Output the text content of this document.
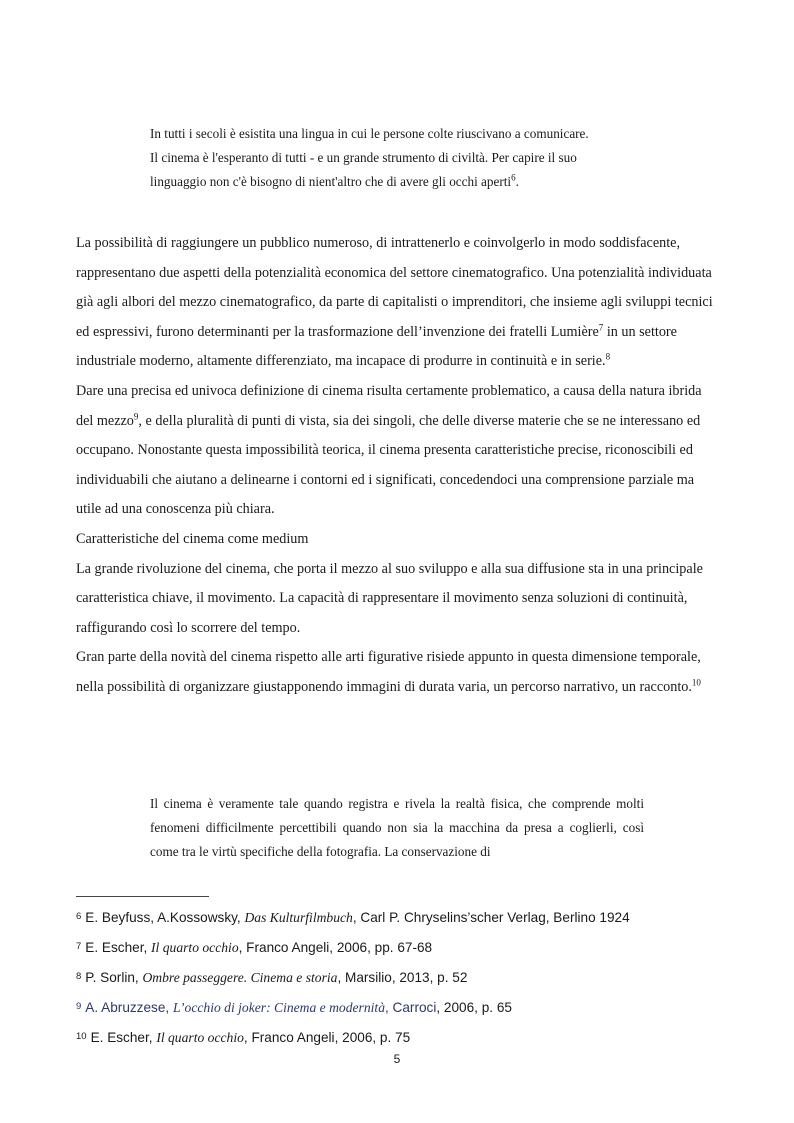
In tutti i secoli è esistita una lingua in cui le persone colte riuscivano a comunicare.
Il cinema è l'esperanto di tutti - e un grande strumento di civiltà. Per capire il suo
linguaggio non c'è bisogno di nient'altro che di avere gli occhi aperti$^6$.

La possibilità di raggiungere un pubblico numeroso, di intrattenerlo e coinvolgerlo in modo soddisfacente, rappresentano due aspetti della potenzialità economica del settore cinematografico. Una potenzialità individuata già agli albori del mezzo cinematografico, da parte di capitalisti o imprenditori, che insieme agli sviluppi tecnici ed espressivi, furono determinanti per la trasformazione dell’invenzione dei fratelli Lumière$^7$ in un settore industriale moderno, altamente differenziato, ma incapace di produrre in continuità e in serie.$^8$

Dare una precisa ed univoca definizione di cinema risulta certamente problematico, a causa della natura ibrida del mezzo$^9$, e della pluralità di punti di vista, sia dei singoli, che delle diverse materie che se ne interessano ed occupano. Nonostante questa impossibilità teorica, il cinema presenta caratteristiche precise, riconoscibili ed individuabili che aiutano a delinearne i contorni ed i significati, concedendoci una comprensione parziale ma utile ad una conoscenza più chiara.

Caratteristiche del cinema come medium

La grande rivoluzione del cinema, che porta il mezzo al suo sviluppo e alla sua diffusione sta in una principale caratteristica chiave, il movimento. La capacità di rappresentare il movimento senza soluzioni di continuità, raffigurando così lo scorrere del tempo.

Gran parte della novità del cinema rispetto alle arti figurative risiede appunto in questa dimensione temporale, nella possibilità di organizzare giustapponendo immagini di durata varia, un percorso narrativo, un racconto.$^{10}$

Il cinema è veramente tale quando registra e rivela la realtà fisica, che comprende molti fenomeni difficilmente percettibili quando non sia la macchina da presa a coglierli, così come tra le virtù specifiche della fotografia. La conservazione di
$^6$ E. Beyfuss, A.Kossowsky, Das Kulturfilmbuch, Carl P. Chryselins’scher Verlag, Berlino 1924
$^7$ E. Escher, Il quarto occhio, Franco Angeli, 2006, pp. 67-68
$^8$ P. Sorlin, Ombre passeggere. Cinema e storia, Marsilio, 2013, p. 52
$^9$ A. Abruzzese, L’occhio di joker: Cinema e modernità, Carroci, 2006, p. 65
$^{10}$ E. Escher, Il quarto occhio, Franco Angeli, 2006, p. 75
5
